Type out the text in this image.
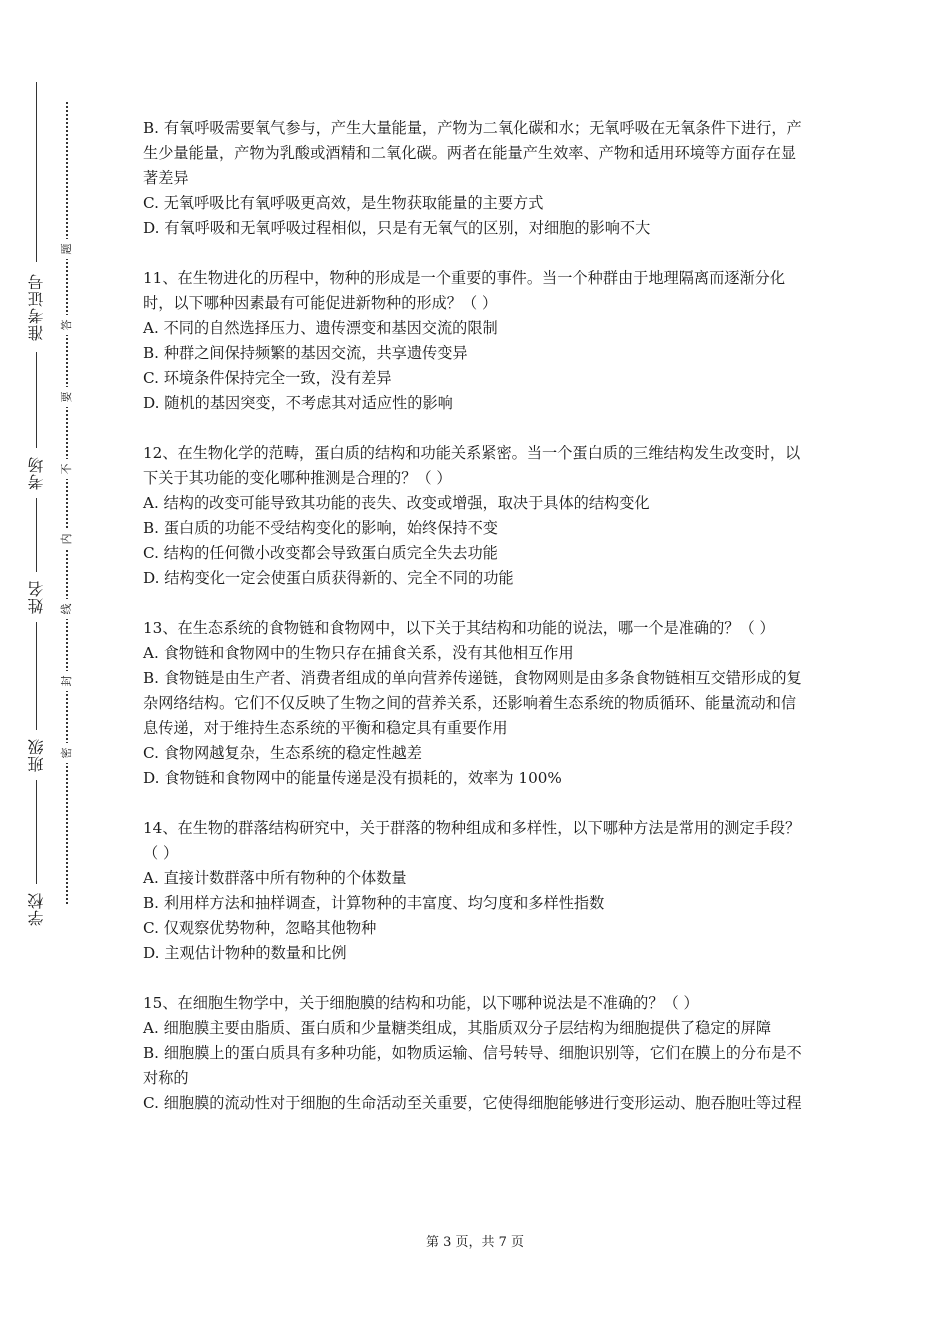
学校
班级
姓名
考场
准考证号
题
答
要
不
内
线
封
密

B. 有氧呼吸需要氧气参与，产生大量能量，产物为二氧化碳和水；无氧呼吸在无氧条件下进行，产生少量能量，产物为乳酸或酒精和二氧化碳。两者在能量产生效率、产物和适用环境等方面存在显著差异

C. 无氧呼吸比有氧呼吸更高效，是生物获取能量的主要方式

D. 有氧呼吸和无氧呼吸过程相似，只是有无氧气的区别，对细胞的影响不大

11、在生物进化的历程中，物种的形成是一个重要的事件。当一个种群由于地理隔离而逐渐分化时，以下哪种因素最有可能促进新物种的形成？（ ）

A. 不同的自然选择压力、遗传漂变和基因交流的限制

B. 种群之间保持频繁的基因交流，共享遗传变异

C. 环境条件保持完全一致，没有差异

D. 随机的基因突变，不考虑其对适应性的影响

12、在生物化学的范畴，蛋白质的结构和功能关系紧密。当一个蛋白质的三维结构发生改变时，以下关于其功能的变化哪种推测是合理的？（ ）

A. 结构的改变可能导致其功能的丧失、改变或增强，取决于具体的结构变化

B. 蛋白质的功能不受结构变化的影响，始终保持不变

C. 结构的任何微小改变都会导致蛋白质完全失去功能

D. 结构变化一定会使蛋白质获得新的、完全不同的功能

13、在生态系统的食物链和食物网中，以下关于其结构和功能的说法，哪一个是准确的？（ ）

A. 食物链和食物网中的生物只存在捕食关系，没有其他相互作用

B. 食物链是由生产者、消费者组成的单向营养传递链，食物网则是由多条食物链相互交错形成的复杂网络结构。它们不仅反映了生物之间的营养关系，还影响着生态系统的物质循环、能量流动和信息传递，对于维持生态系统的平衡和稳定具有重要作用

C. 食物网越复杂，生态系统的稳定性越差

D. 食物链和食物网中的能量传递是没有损耗的，效率为 100%

14、在生物的群落结构研究中，关于群落的物种组成和多样性，以下哪种方法是常用的测定手段？（ ）

A. 直接计数群落中所有物种的个体数量

B. 利用样方法和抽样调查，计算物种的丰富度、均匀度和多样性指数

C. 仅观察优势物种，忽略其他物种

D. 主观估计物种的数量和比例

15、在细胞生物学中，关于细胞膜的结构和功能，以下哪种说法是不准确的？（ ）

A. 细胞膜主要由脂质、蛋白质和少量糖类组成，其脂质双分子层结构为细胞提供了稳定的屏障

B. 细胞膜上的蛋白质具有多种功能，如物质运输、信号转导、细胞识别等，它们在膜上的分布是不对称的

C. 细胞膜的流动性对于细胞的生命活动至关重要，它使得细胞能够进行变形运动、胞吞胞吐等过程

第 3 页，共 7 页
